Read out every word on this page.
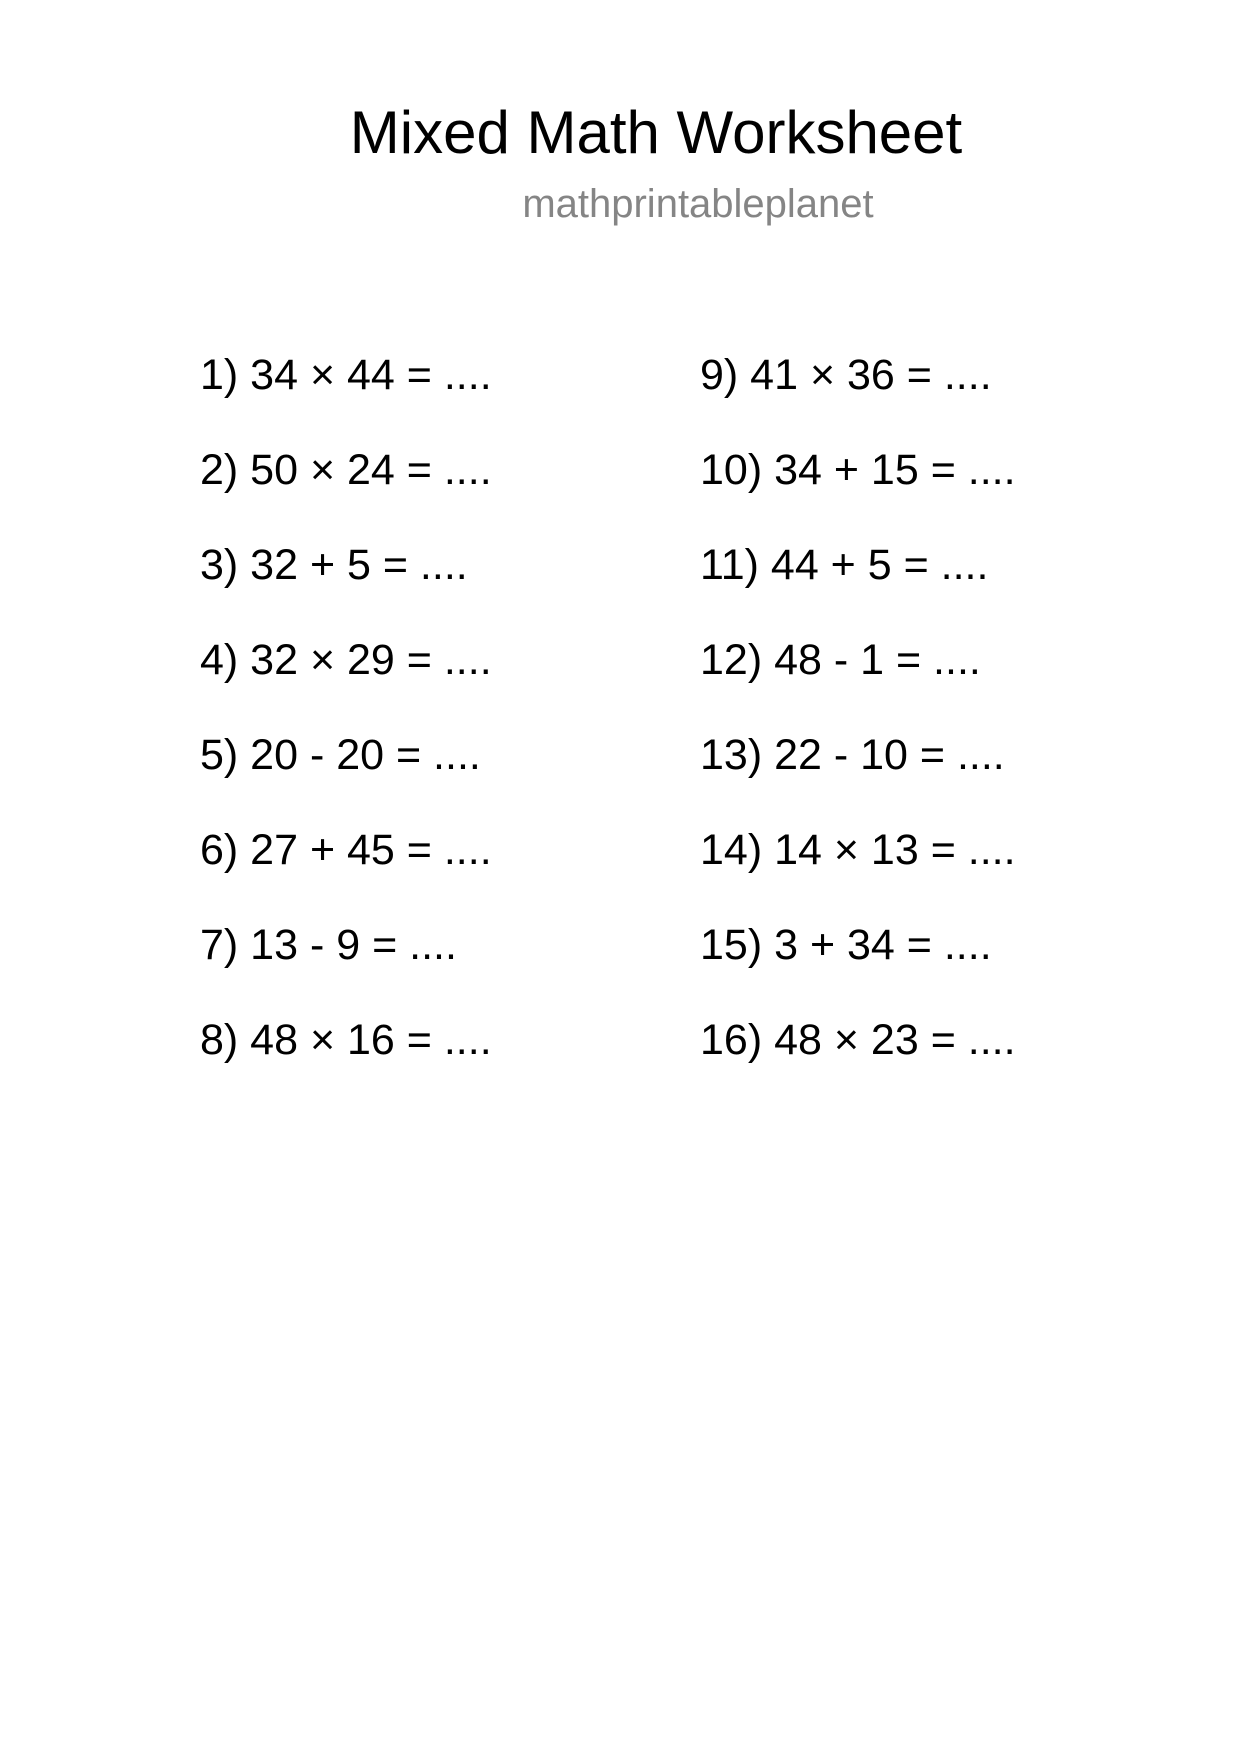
Mixed Math Worksheet
mathprintableplanet
1) 34 × 44 = ....
2) 50 × 24 = ....
3) 32 + 5 = ....
4) 32 × 29 = ....
5) 20 - 20 = ....
6) 27 + 45 = ....
7) 13 - 9 = ....
8) 48 × 16 = ....
9) 41 × 36 = ....
10) 34 + 15 = ....
11) 44 + 5 = ....
12) 48 - 1 = ....
13) 22 - 10 = ....
14) 14 × 13 = ....
15) 3 + 34 = ....
16) 48 × 23 = ....
